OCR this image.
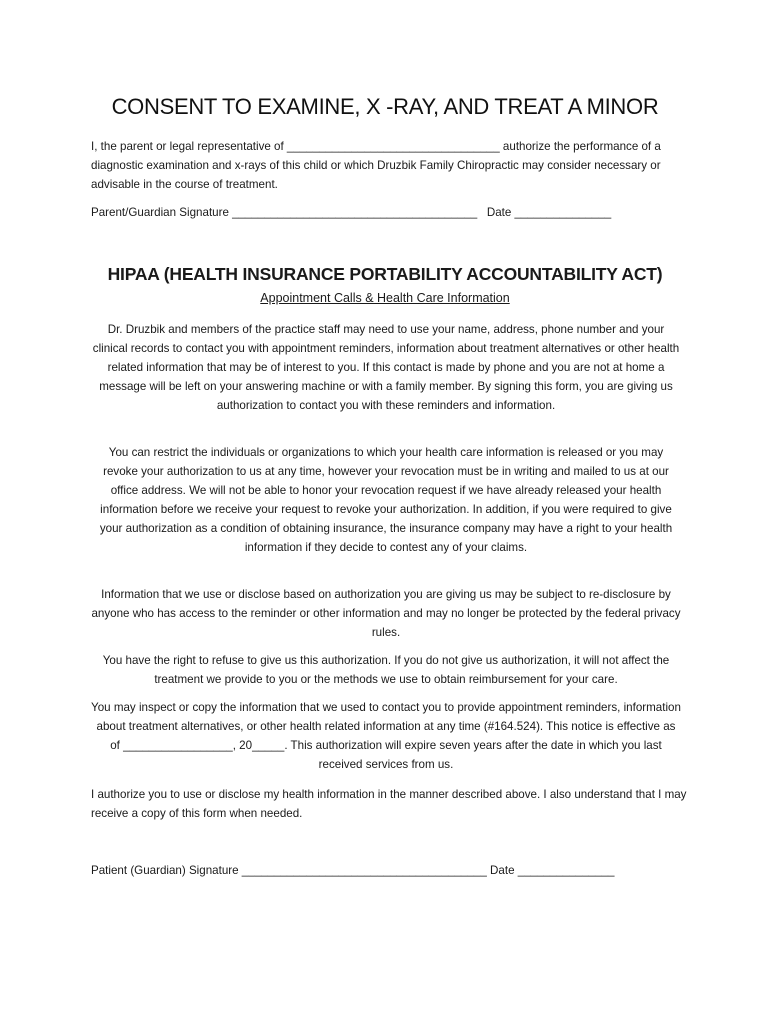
CONSENT TO EXAMINE, X -RAY, AND TREAT A MINOR

I, the parent or legal representative of _________________________________ authorize the performance of a diagnostic examination and x-rays of this child or which Druzbik Family Chiropractic may consider necessary or advisable in the course of treatment.

Parent/Guardian Signature ______________________________________   Date _______________

HIPAA (HEALTH INSURANCE PORTABILITY ACCOUNTABILITY ACT)

Appointment Calls & Health Care Information

Dr. Druzbik and members of the practice staff may need to use your name, address, phone number and your clinical records to contact you with appointment reminders, information about treatment alternatives or other health related information that may be of interest to you. If this contact is made by phone and you are not at home a message will be left on your answering machine or with a family member. By signing this form, you are giving us authorization to contact you with these reminders and information.

You can restrict the individuals or organizations to which your health care information is released or you may revoke your authorization to us at any time, however your revocation must be in writing and mailed to us at our office address. We will not be able to honor your revocation request if we have already released your health information before we receive your request to revoke your authorization. In addition, if you were required to give your authorization as a condition of obtaining insurance, the insurance company may have a right to your health information if they decide to contest any of your claims.

Information that we use or disclose based on authorization you are giving us may be subject to re-disclosure by anyone who has access to the reminder or other information and may no longer be protected by the federal privacy rules.

You have the right to refuse to give us this authorization. If you do not give us authorization, it will not affect the treatment we provide to you or the methods we use to obtain reimbursement for your care.

You may inspect or copy the information that we used to contact you to provide appointment reminders, information about treatment alternatives, or other health related information at any time (#164.524). This notice is effective as of _________________, 20_____. This authorization will expire seven years after the date in which you last received services from us.

I authorize you to use or disclose my health information in the manner described above. I also understand that I may receive a copy of this form when needed.

Patient (Guardian) Signature ______________________________________ Date _______________
